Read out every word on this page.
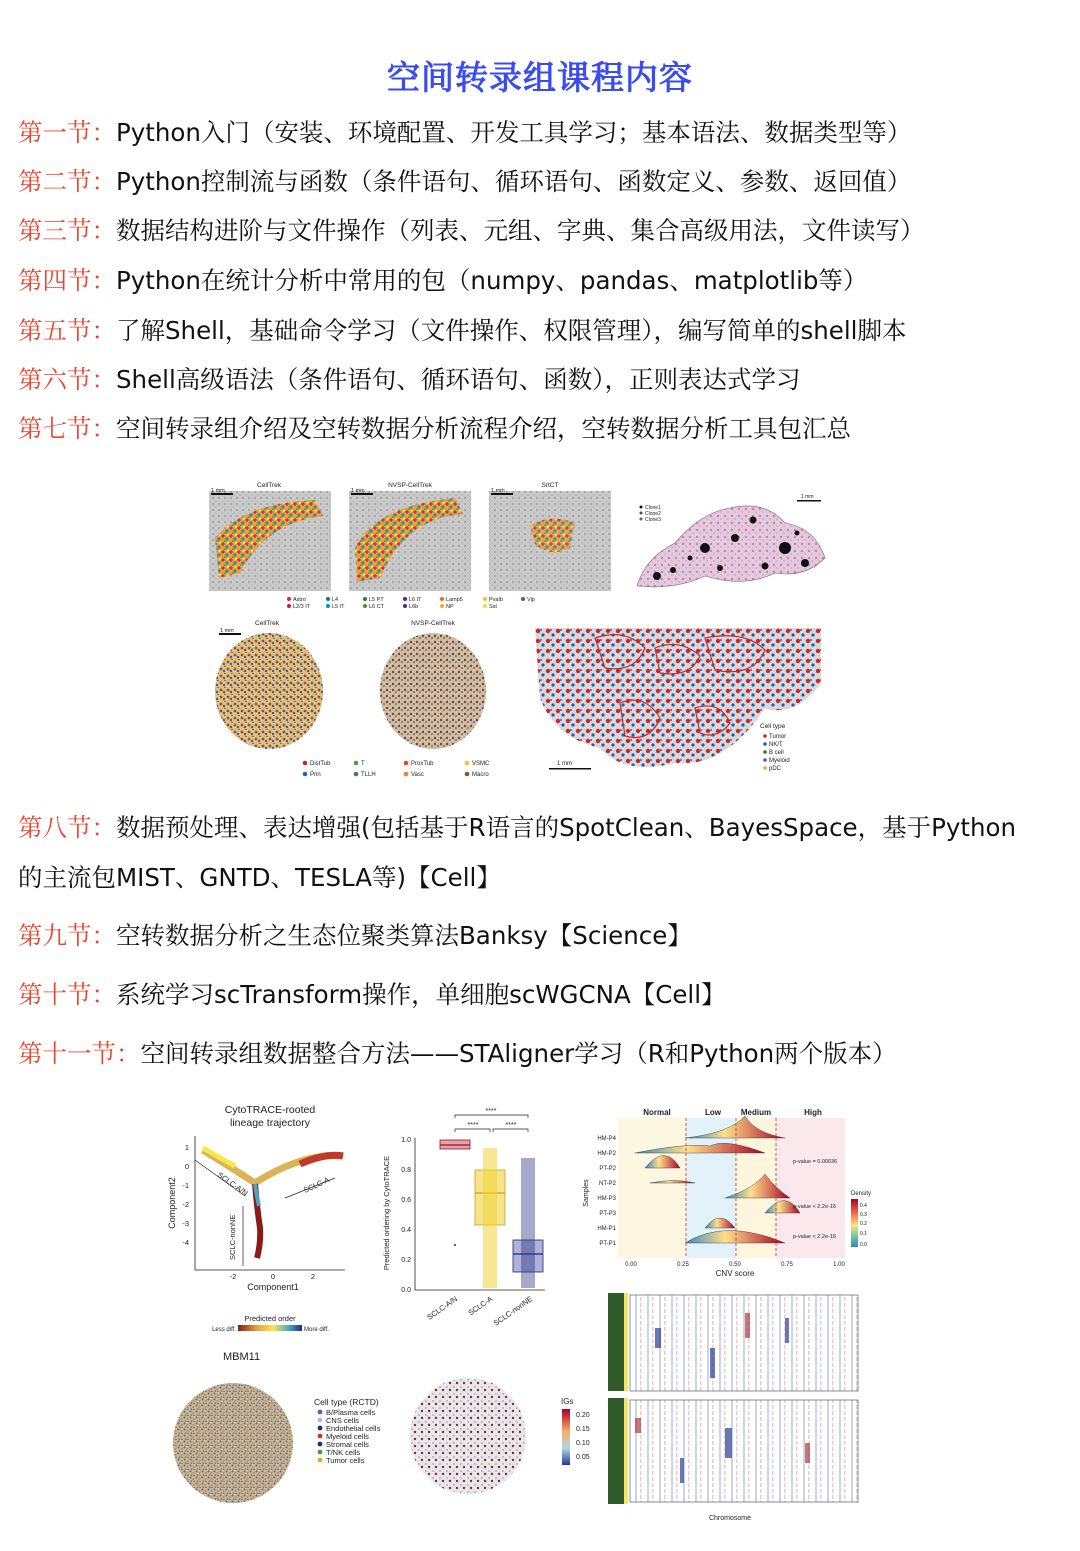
空间转录组课程内容
第一节：Python入门（安装、环境配置、开发工具学习；基本语法、数据类型等）
第二节：Python控制流与函数（条件语句、循环语句、函数定义、参数、返回值）
第三节：数据结构进阶与文件操作（列表、元组、字典、集合高级用法，文件读写）
第四节：Python在统计分析中常用的包（numpy、pandas、matplotlib等）
第五节：了解Shell，基础命令学习（文件操作、权限管理），编写简单的shell脚本
第六节：Shell高级语法（条件语句、循环语句、函数），正则表达式学习
第七节：空间转录组介绍及空转数据分析流程介绍，空转数据分析工具包汇总
CellTrek	NVSP-CellTrek	SrtCT
1 mm	1 mm	1 mm
Clone1
Clone2
Clone3
1 mm
Astro
L2/3 IT
L4
L5 IT
L5 PT
L6 CT
L6 IT
L6b
Lamp5
NP
Pvalb
Sst
Vip
CellTrek	NVSP-CellTrek
1 mm
DistTub
Prin
T
TLLH
ProxTub
Vasc
VSMC
Macro
Cell type
Tumor
NK/T
B cell
Myeloid
pDC
1 mm
第八节：数据预处理、表达增强(包括基于R语言的SpotClean、BayesSpace，基于Python
的主流包MIST、GNTD、TESLA等)【Cell】
第九节：空转数据分析之生态位聚类算法Banksy【Science】
第十节：系统学习scTransform操作，单细胞scWGCNA【Cell】
第十一节：空间转录组数据整合方法——STAligner学习（R和Python两个版本）
CytoTRACE-rooted
lineage trajectory
1
0
-1
-2
-3
-4
-2	0	2
Component1
Component2	SCLC-A/N	SCLC-A
SCLC-nonNE
Predicted order
Less diff.	More diff.
1.0
0.8
0.6
0.4
0.2
0.0
Predicted ordering by CytoTRACE
****
****	****
SCLC-A/N SCLC-A
SCLC-nonNE
Normal	Low Medium	High
HM-P4
HM-P2
PT-P2
NT-P2
HM-P3
PT-P3
HM-P1
PT-P1
p-value = 0.00036
p-value < 2.2e-16
p-value < 2.2e-16
0.00	0.25	0.50	0.75	1.00
CNV score
Samples	Density
0.4
0.3
0.2
0.1
0.0
MBM11
Cell type (RCTD)
B/Plasma cells
CNS cells
Endothelial cells
Myeloid cells
Stromal cells
T/NK cells
Tumor cells
IGs
0.20
0.15
0.10
0.05
Chromosome
